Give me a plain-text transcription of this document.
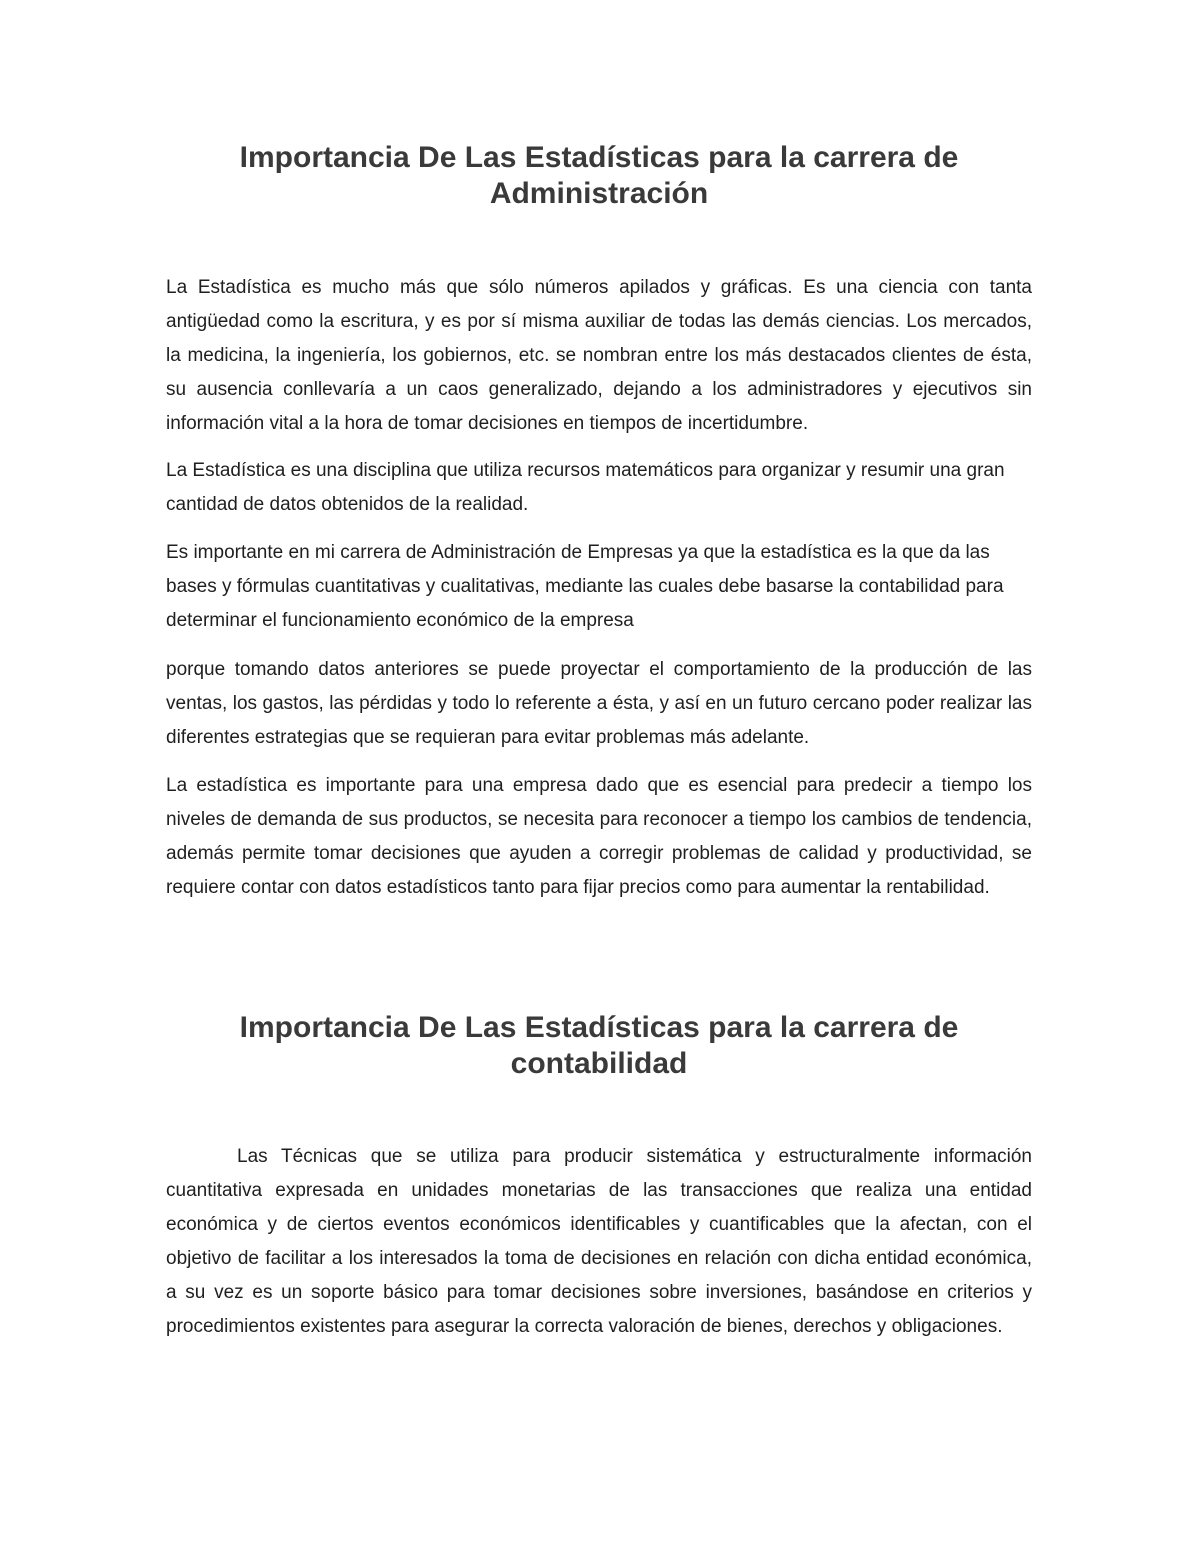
Importancia De Las Estadísticas para la carrera de Administración

La Estadística es mucho más que sólo números apilados y gráficas. Es una ciencia con tanta antigüedad como la escritura, y es por sí misma auxiliar de todas las demás ciencias. Los mercados, la medicina, la ingeniería, los gobiernos, etc. se nombran entre los más destacados clientes de ésta, su ausencia conllevaría a un caos generalizado, dejando a los administradores y ejecutivos sin información vital a la hora de tomar decisiones en tiempos de incertidumbre.

La Estadística es una disciplina que utiliza recursos matemáticos para organizar y resumir una gran cantidad de datos obtenidos de la realidad.

Es importante en mi carrera de Administración de Empresas ya que la estadística es la que da las bases y fórmulas cuantitativas y cualitativas, mediante las cuales debe basarse la contabilidad para determinar el funcionamiento económico de la empresa

porque tomando datos anteriores se puede proyectar el comportamiento de la producción de las ventas, los gastos, las pérdidas y todo lo referente a ésta, y así en un futuro cercano poder realizar las diferentes estrategias que se requieran para evitar problemas más adelante.

La estadística es importante para una empresa dado que es esencial para predecir a tiempo los niveles de demanda de sus productos, se necesita para reconocer a tiempo los cambios de tendencia, además permite tomar decisiones que ayuden a corregir problemas de calidad y productividad, se requiere contar con datos estadísticos tanto para fijar precios como para aumentar la rentabilidad.

Importancia De Las Estadísticas para la carrera de contabilidad

Las Técnicas que se utiliza para producir sistemática y estructuralmente información cuantitativa expresada en unidades monetarias de las transacciones que realiza una entidad económica y de ciertos eventos económicos identificables y cuantificables que la afectan, con el objetivo de facilitar a los interesados la toma de decisiones en relación con dicha entidad económica, a su vez es un soporte básico para tomar decisiones sobre inversiones, basándose en criterios y procedimientos existentes para asegurar la correcta valoración de bienes, derechos y obligaciones.
